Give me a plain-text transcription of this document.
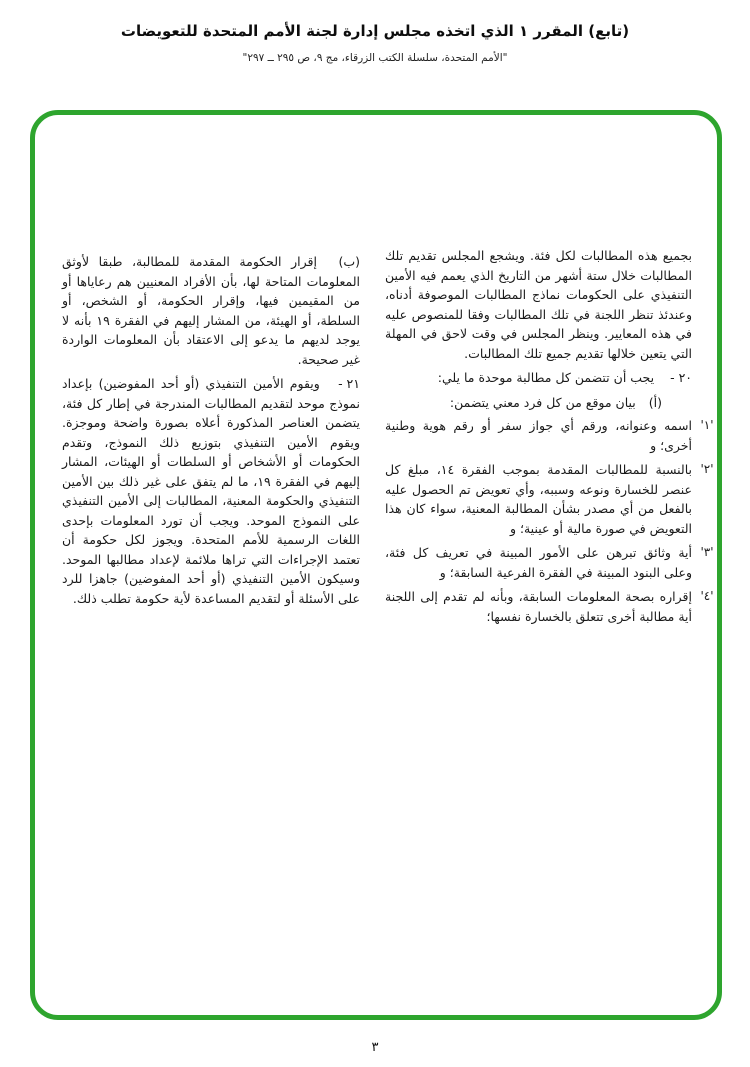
(تابع) المقرر ١ الذي اتخذه مجلس إدارة لجنة الأمم المتحدة للتعويضات
"الأمم المتحدة، سلسلة الكتب الزرقاء، مج ٩، ص ٢٩٥ ــ ٢٩٧"

بجميع هذه المطالبات لكل فئة. ويشجع المجلس تقديم تلك المطالبات خلال ستة أشهر من التاريخ الذي يعمم فيه الأمين التنفيذي على الحكومات نماذج المطالبات الموصوفة أدناه، وعندئذ تنظر اللجنة في تلك المطالبات وفقا للمنصوص عليه في هذه المعايير. وينظر المجلس في وقت لاحق في المهلة التي يتعين خلالها تقديم جميع تلك المطالبات.

٢٠ - يجب أن تتضمن كل مطالبة موحدة ما يلي:

(أ) بيان موقع من كل فرد معني يتضمن:

'١'
اسمه وعنوانه، ورقم أي جواز سفر أو رقم هوية وطنية أخرى؛ و
'٢'
بالنسبة للمطالبات المقدمة بموجب الفقرة ١٤، مبلغ كل عنصر للخسارة ونوعه وسببه، وأي تعويض تم الحصول عليه بالفعل من أي مصدر بشأن المطالبة المعنية، سواء كان هذا التعويض في صورة مالية أو عينية؛ و
'٣'
أية وثائق تبرهن على الأمور المبينة في تعريف كل فئة، وعلى البنود المبينة في الفقرة الفرعية السابقة؛ و
'٤'
إقراره بصحة المعلومات السابقة، وبأنه لم تقدم إلى اللجنة أية مطالبة أخرى تتعلق بالخسارة نفسها؛

(ب) إقرار الحكومة المقدمة للمطالبة، طبقا لأوثق المعلومات المتاحة لها، بأن الأفراد المعنيين هم رعاياها أو من المقيمين فيها، وإقرار الحكومة، أو الشخص، أو السلطة، أو الهيئة، من المشار إليهم في الفقرة ١٩ بأنه لا يوجد لديهم ما يدعو إلى الاعتقاد بأن المعلومات الواردة غير صحيحة.

٢١ - ويقوم الأمين التنفيذي (أو أحد المفوضين) بإعداد نموذج موحد لتقديم المطالبات المندرجة في إطار كل فئة، يتضمن العناصر المذكورة أعلاه بصورة واضحة وموجزة. ويقوم الأمين التنفيذي بتوزيع ذلك النموذج، وتقدم الحكومات أو الأشخاص أو السلطات أو الهيئات، المشار إليهم في الفقرة ١٩، ما لم يتفق على غير ذلك بين الأمين التنفيذي والحكومة المعنية، المطالبات إلى الأمين التنفيذي على النموذج الموحد. ويجب أن تورد المعلومات بإحدى اللغات الرسمية للأمم المتحدة. ويجوز لكل حكومة أن تعتمد الإجراءات التي تراها ملائمة لإعداد مطالبها الموحد. وسيكون الأمين التنفيذي (أو أحد المفوضين) جاهزا للرد على الأسئلة أو لتقديم المساعدة لأية حكومة تطلب ذلك.

٣
